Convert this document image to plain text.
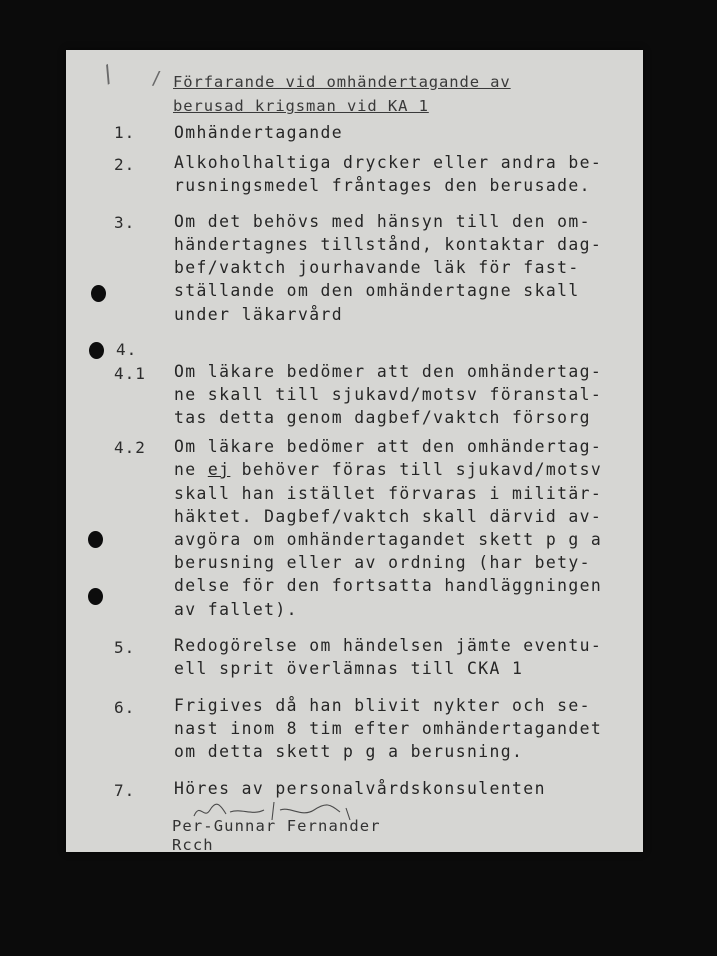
/ / Förfarande vid omhändertagande av
berusad krigsman vid KA 1
1. Omhändertagande
2. Alkoholhaltiga drycker eller andra be-
rusningsmedel fråntages den berusade.
3. Om det behövs med hänsyn till den om-
händertagnes tillstånd, kontaktar dag-
bef/vaktch jourhavande läk för fast-
ställande om den omhändertagne skall
under läkarvård
4.
4.1 Om läkare bedömer att den omhändertag-
ne skall till sjukavd/motsv föranstal-
tas detta genom dagbef/vaktch försorg
4.2 Om läkare bedömer att den omhändertag-
ne ej behöver föras till sjukavd/motsv
skall han istället förvaras i militär-
häktet. Dagbef/vaktch skall därvid av-
avgöra om omhändertagandet skett p g a
berusning eller av ordning (har bety-
delse för den fortsatta handläggningen
av fallet).
5. Redogörelse om händelsen jämte eventu-
ell sprit överlämnas till CKA 1
6. Frigives då han blivit nykter och se-
nast inom 8 tim efter omhändertagandet
om detta skett p g a berusning.
7. Höres av personalvårdskonsulenten
Per-Gunnar Fernander
Rcch
